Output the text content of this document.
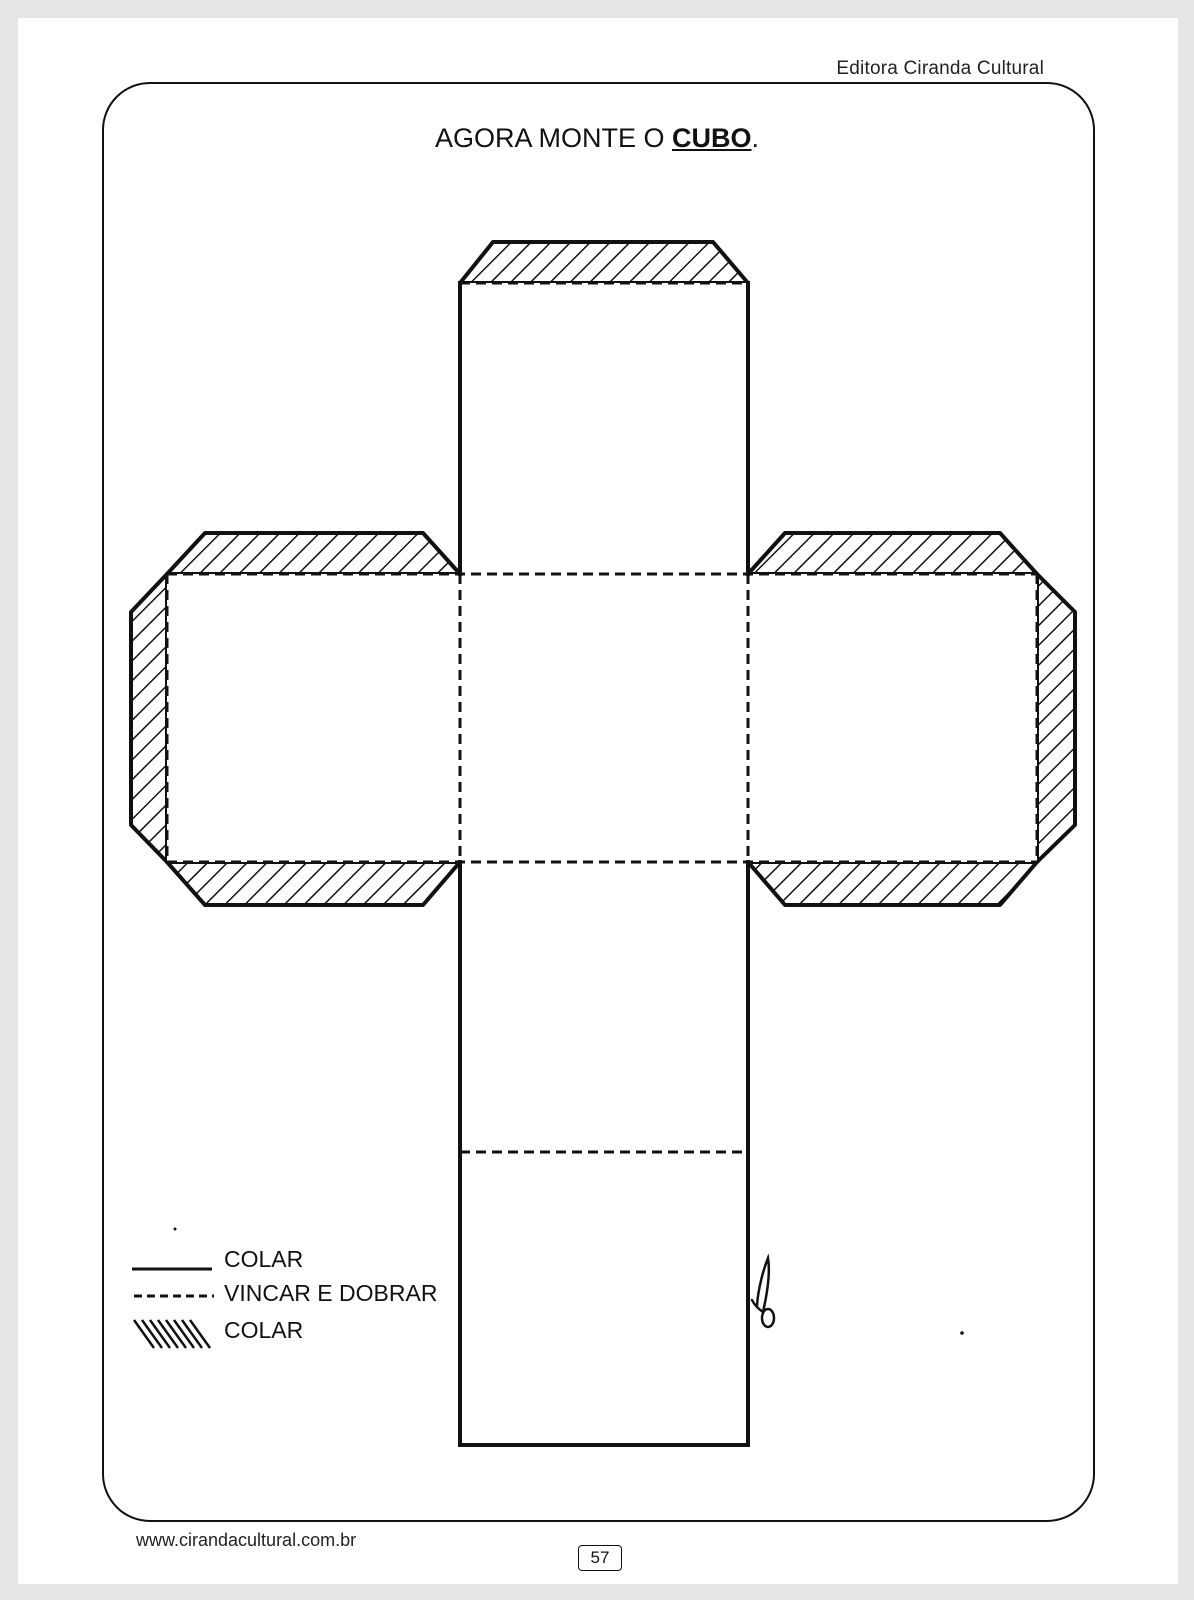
Editora Ciranda Cultural
AGORA MONTE O CUBO.
COLAR
VINCAR E DOBRAR
COLAR
www.cirandacultural.com.br
57
